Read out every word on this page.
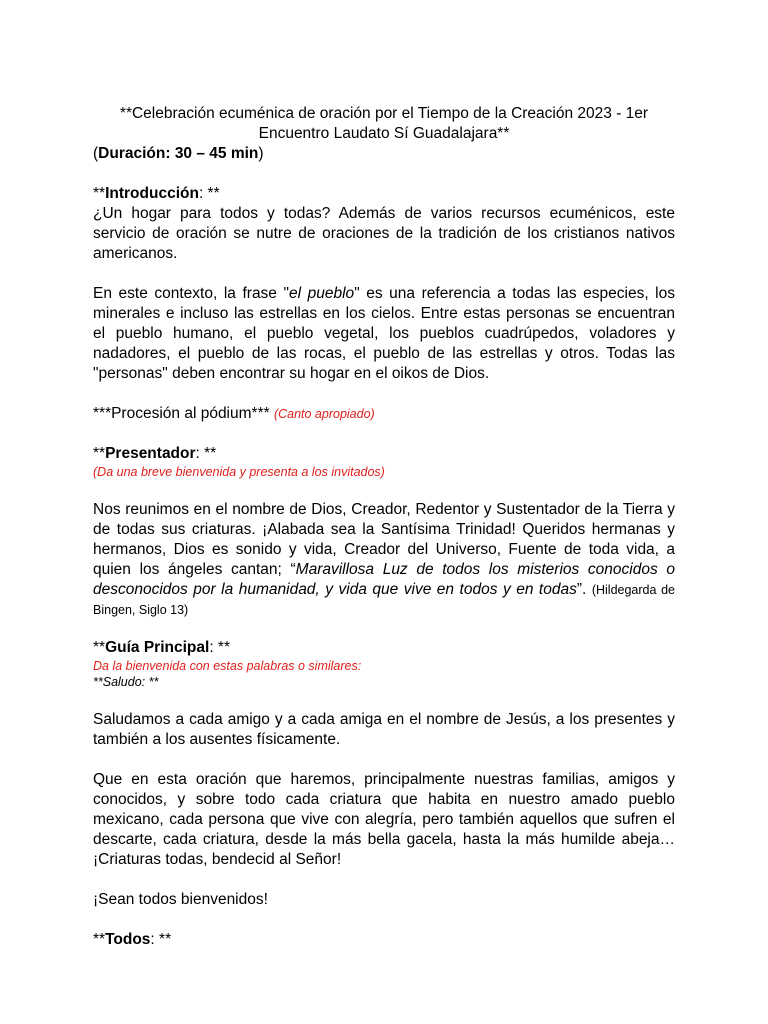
**Celebración ecuménica de oración por el Tiempo de la Creación 2023 - 1er

Encuentro Laudato Sí Guadalajara**

(Duración: 30 – 45 min)

**Introducción: **

¿Un hogar para todos y todas? Además de varios recursos ecuménicos, este servicio de oración se nutre de oraciones de la tradición de los cristianos nativos americanos.

En este contexto, la frase "el pueblo" es una referencia a todas las especies, los minerales e incluso las estrellas en los cielos. Entre estas personas se encuentran el pueblo humano, el pueblo vegetal, los pueblos cuadrúpedos, voladores y nadadores, el pueblo de las rocas, el pueblo de las estrellas y otros. Todas las "personas" deben encontrar su hogar en el oikos de Dios.

***Procesión al pódium*** (Canto apropiado)

**Presentador: **

(Da una breve bienvenida y presenta a los invitados)

Nos reunimos en el nombre de Dios, Creador, Redentor y Sustentador de la Tierra y de todas sus criaturas. ¡Alabada sea la Santísima Trinidad! Queridos hermanas y hermanos, Dios es sonido y vida, Creador del Universo, Fuente de toda vida, a quien los ángeles cantan; “Maravillosa Luz de todos los misterios conocidos o desconocidos por la humanidad, y vida que vive en todos y en todas”. (Hildegarda de Bingen, Siglo 13)

**Guía Principal: **

Da la bienvenida con estas palabras o similares:

**Saludo: **

Saludamos a cada amigo y a cada amiga en el nombre de Jesús, a los presentes y también a los ausentes físicamente.

Que en esta oración que haremos, principalmente nuestras familias, amigos y conocidos, y sobre todo cada criatura que habita en nuestro amado pueblo mexicano, cada persona que vive con alegría, pero también aquellos que sufren el descarte, cada criatura, desde la más bella gacela, hasta la más humilde abeja… ¡Criaturas todas, bendecid al Señor!

¡Sean todos bienvenidos!

**Todos: **
